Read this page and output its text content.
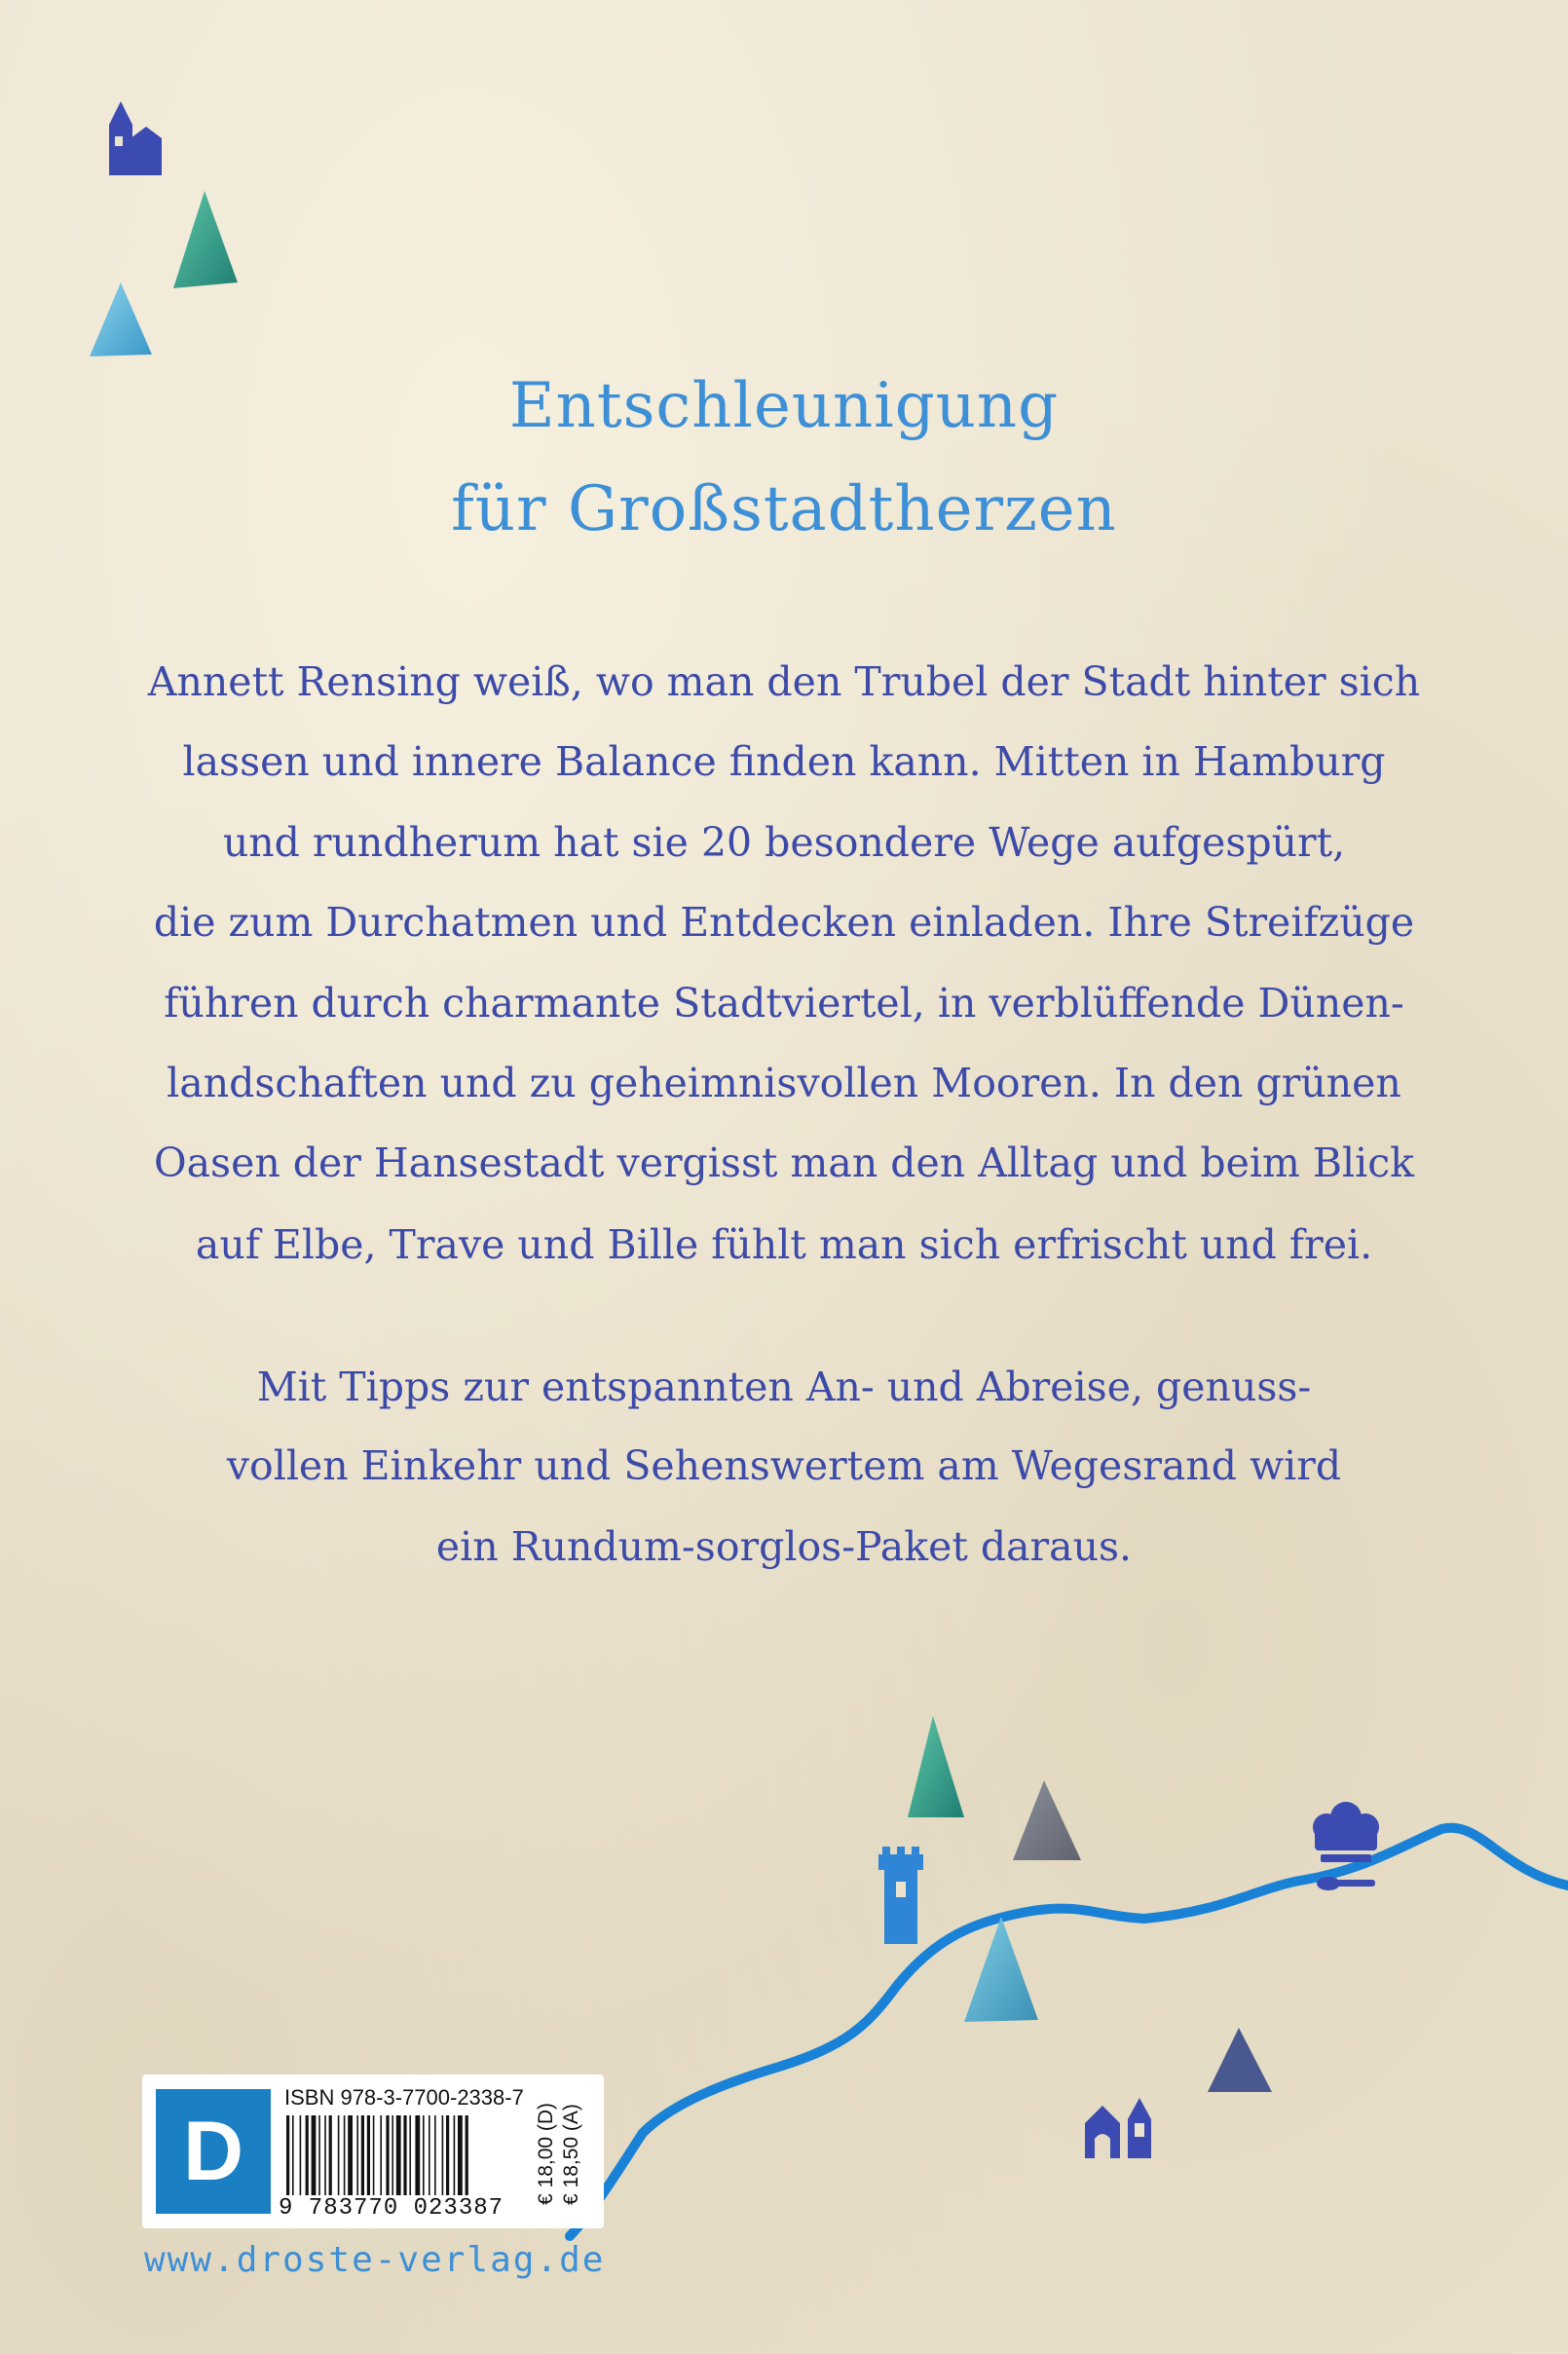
Entschleunigung
für Großstadtherzen
Annett Rensing weiß, wo man den Trubel der Stadt hinter sich
lassen und innere Balance finden kann. Mitten in Hamburg
und rundherum hat sie 20 besondere Wege aufgespürt,
die zum Durchatmen und Entdecken einladen. Ihre Streifzüge
führen durch charmante Stadtviertel, in verblüffende Dünen-
landschaften und zu geheimnisvollen Mooren. In den grünen
Oasen der Hansestadt vergisst man den Alltag und beim Blick
auf Elbe, Trave und Bille fühlt man sich erfrischt und frei.
Mit Tipps zur entspannten An- und Abreise, genuss-
vollen Einkehr und Sehenswertem am Wegesrand wird
ein Rundum-sorglos-Paket daraus.
D
ISBN 978-3-7700-2338-7
9 783770 023387
€ 18,00 (D) € 18,50 (A)
www.droste-verlag.de
